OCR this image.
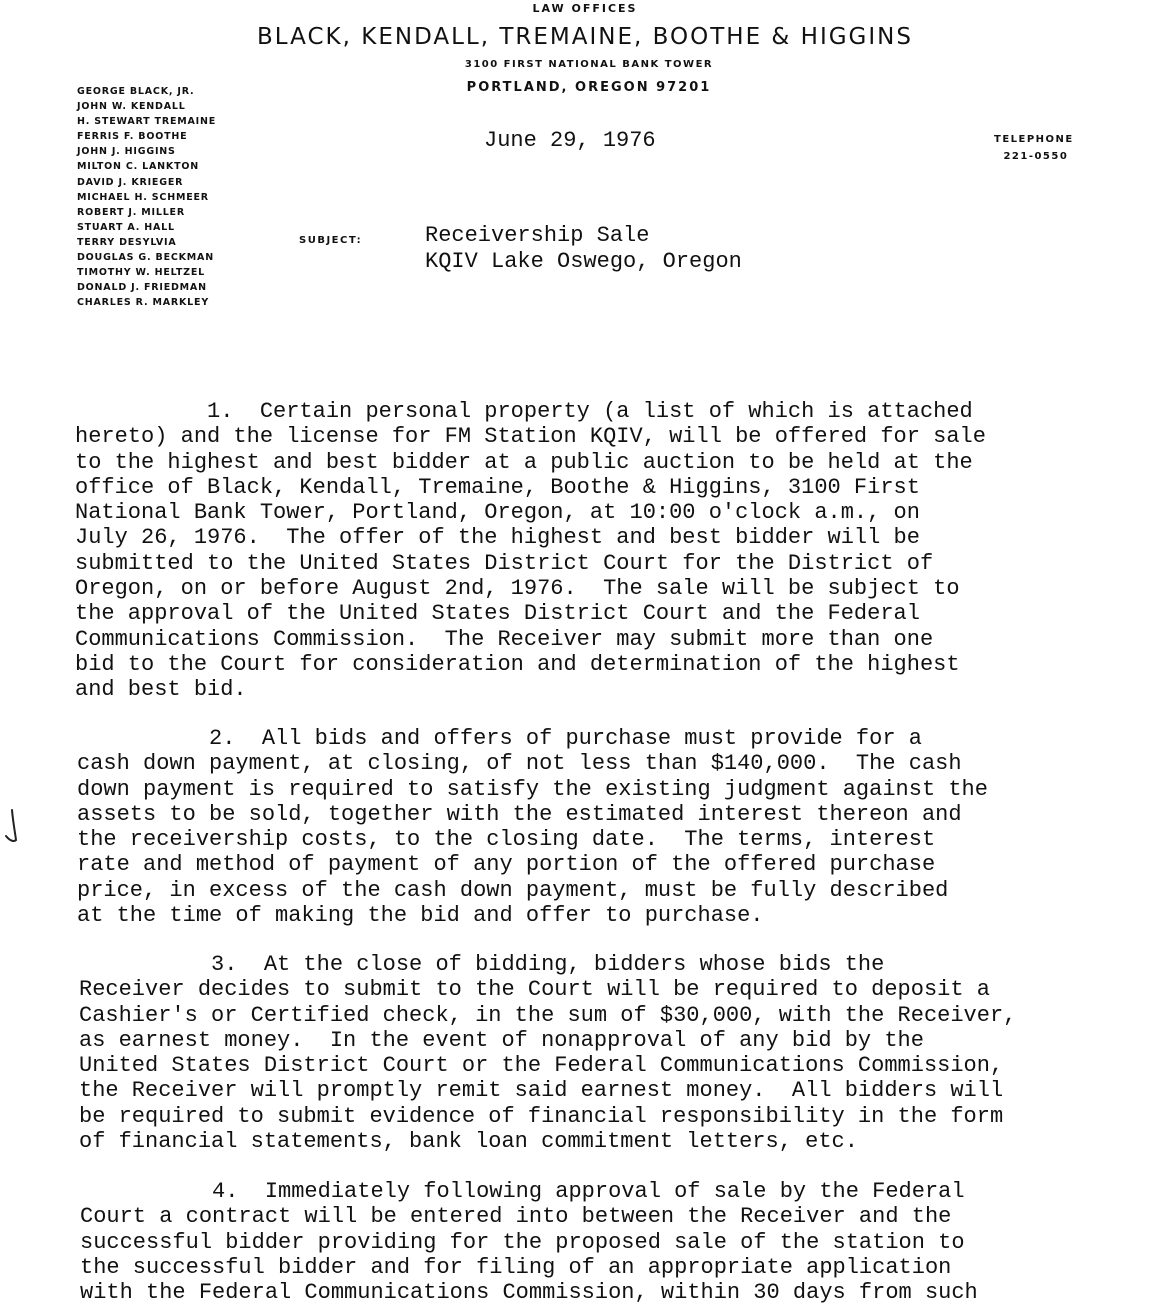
LAW OFFICES
BLACK, KENDALL, TREMAINE, BOOTHE & HIGGINS
3100 FIRST NATIONAL BANK TOWER
PORTLAND, OREGON 97201
GEORGE BLACK, JR.
JOHN W. KENDALL
H. STEWART TREMAINE
FERRIS F. BOOTHE
JOHN J. HIGGINS
MILTON C. LANKTON
DAVID J. KRIEGER
MICHAEL H. SCHMEER
ROBERT J. MILLER
STUART A. HALL
TERRY DESYLVIA
DOUGLAS G. BECKMAN
TIMOTHY W. HELTZEL
DONALD J. FRIEDMAN
CHARLES R. MARKLEY
June 29, 1976	TELEPHONE
221-0550
SUBJECT:	Receivership Sale
KQIV Lake Oswego, Oregon

1.  Certain personal property (a list of which is attached
hereto) and the license for FM Station KQIV, will be offered for sale
to the highest and best bidder at a public auction to be held at the
office of Black, Kendall, Tremaine, Boothe & Higgins, 3100 First
National Bank Tower, Portland, Oregon, at 10:00 o'clock a.m., on
July 26, 1976.  The offer of the highest and best bidder will be
submitted to the United States District Court for the District of
Oregon, on or before August 2nd, 1976.  The sale will be subject to
the approval of the United States District Court and the Federal
Communications Commission.  The Receiver may submit more than one
bid to the Court for consideration and determination of the highest
and best bid.

2.  All bids and offers of purchase must provide for a
cash down payment, at closing, of not less than $140,000.  The cash
down payment is required to satisfy the existing judgment against the
assets to be sold, together with the estimated interest thereon and
the receivership costs, to the closing date.  The terms, interest
rate and method of payment of any portion of the offered purchase
price, in excess of the cash down payment, must be fully described
at the time of making the bid and offer to purchase.

3.  At the close of bidding, bidders whose bids the
Receiver decides to submit to the Court will be required to deposit a
Cashier's or Certified check, in the sum of $30,000, with the Receiver,
as earnest money.  In the event of nonapproval of any bid by the
United States District Court or the Federal Communications Commission,
the Receiver will promptly remit said earnest money.  All bidders will
be required to submit evidence of financial responsibility in the form
of financial statements, bank loan commitment letters, etc.

4.  Immediately following approval of sale by the Federal
Court a contract will be entered into between the Receiver and the
successful bidder providing for the proposed sale of the station to
the successful bidder and for filing of an appropriate application
with the Federal Communications Commission, within 30 days from such
